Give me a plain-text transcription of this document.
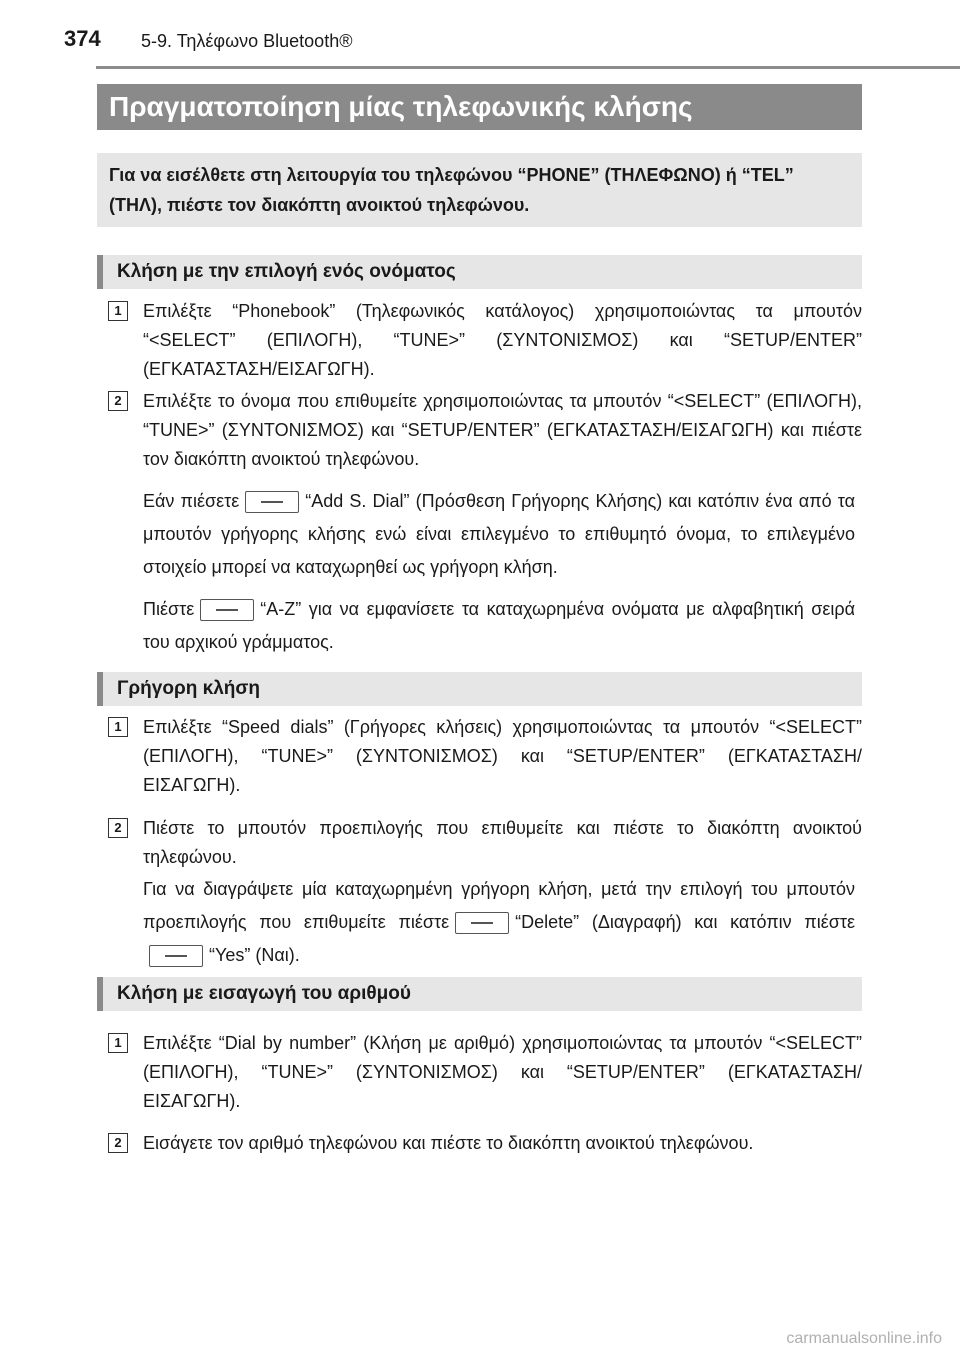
374 5-9. Τηλέφωνο Bluetooth®
Πραγματοποίηση μίας τηλεφωνικής κλήσης
Για να εισέλθετε στη λειτουργία του τηλεφώνου “PHONE” (ΤΗΛΕΦΩΝΟ) ή “TEL” (ΤΗΛ), πιέστε τον διακόπτη ανοικτού τηλεφώνου.
Κλήση με την επιλογή ενός ονόματος
1	Επιλέξτε “Phonebook” (Τηλεφωνικός κατάλογος) χρησιμοποιώντας τα μπουτόν “<SELECT” (ΕΠΙΛΟΓΗ), “TUNE>” (ΣΥΝΤΟΝΙΣΜΟΣ) και “SETUP/ENTER” (ΕΓΚΑΤΑΣΤΑΣΗ/ΕΙΣΑΓΩΓΗ).
2	Επιλέξτε το όνομα που επιθυμείτε χρησιμοποιώντας τα μπουτόν “<SELECT” (ΕΠΙΛΟΓΗ), “TUNE>” (ΣΥΝΤΟΝΙΣΜΟΣ) και “SETUP/ENTER” (ΕΓΚΑΤΑΣΤΑΣΗ/ΕΙΣΑΓΩΓΗ) και πιέστε τον διακόπτη ανοικτού τηλεφώνου.
Εάν πιέσετε	“Add S. Dial” (Πρόσθεση Γρήγορης Κλήσης) και κατόπιν ένα από τα μπουτόν γρήγορης κλήσης ενώ είναι επιλεγμένο το επιθυμητό όνομα, το επιλεγμένο στοιχείο μπορεί να καταχωρηθεί ως γρήγορη κλήση.
Πιέστε	“A-Z” για να εμφανίσετε τα καταχωρημένα ονόματα με αλφαβητική σειρά του αρχικού γράμματος.
Γρήγορη κλήση
1	Επιλέξτε “Speed dials” (Γρήγορες κλήσεις) χρησιμοποιώντας τα μπουτόν “<SELECT” (ΕΠΙΛΟΓΗ), “TUNE>” (ΣΥΝΤΟΝΙΣΜΟΣ) και “SETUP/ENTER” (ΕΓΚΑΤΑΣΤΑΣΗ/ΕΙΣΑΓΩΓΗ).
2	Πιέστε το μπουτόν προεπιλογής που επιθυμείτε και πιέστε το διακόπτη ανοικτού τηλεφώνου.
Για να διαγράψετε μία καταχωρημένη γρήγορη κλήση, μετά την επιλογή του μπουτόν προεπιλογής που επιθυμείτε πιέστε	“Delete” (Διαγραφή) και κατόπιν πιέστε“Yes” (Ναι).
Κλήση με εισαγωγή του αριθμού
1	Επιλέξτε “Dial by number” (Κλήση με αριθμό) χρησιμοποιώντας τα μπουτόν “<SELECT” (ΕΠΙΛΟΓΗ), “TUNE>” (ΣΥΝΤΟΝΙΣΜΟΣ) και “SETUP/ENTER” (ΕΓΚΑΤΑΣΤΑΣΗ/ΕΙΣΑΓΩΓΗ).
2	Εισάγετε τον αριθμό τηλεφώνου και πιέστε το διακόπτη ανοικτού τηλεφώνου.
carmanualsonline.info
